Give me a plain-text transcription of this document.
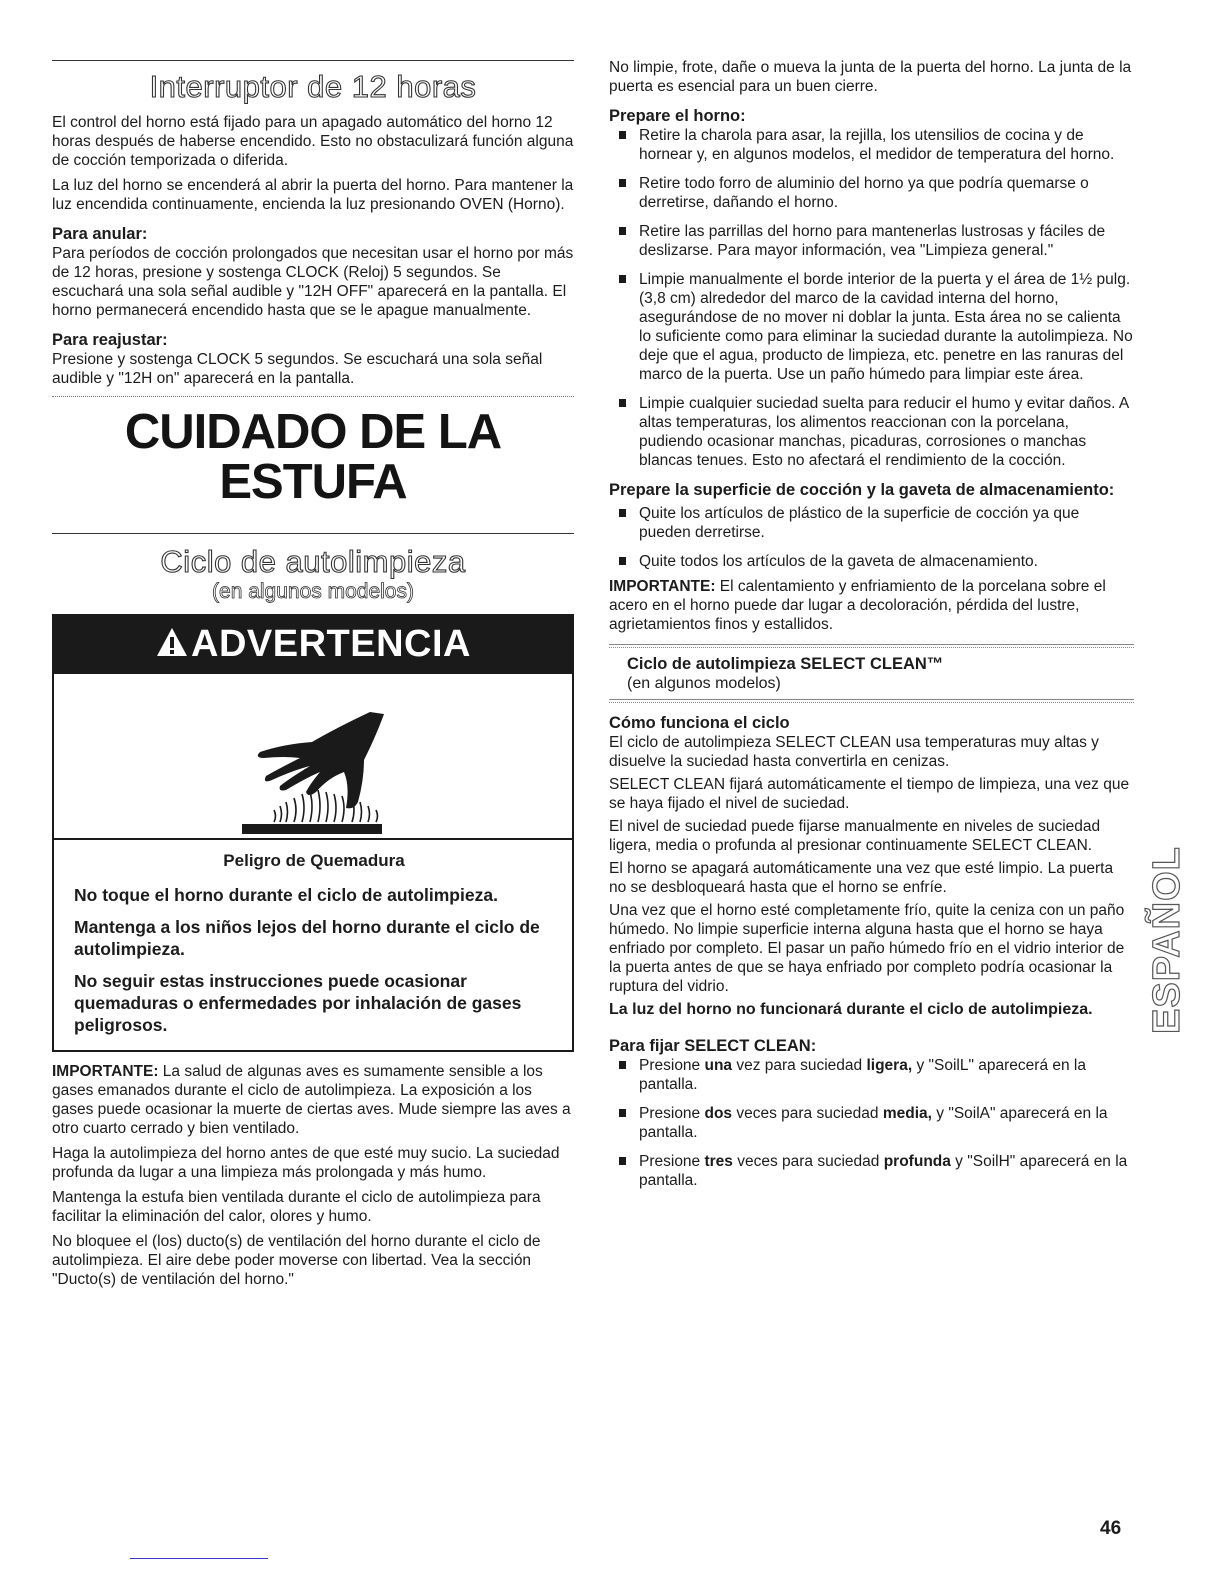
Interruptor de 12 horas

El control del horno está fijado para un apagado automático del horno 12 horas después de haberse encendido. Esto no obstaculizará función alguna de cocción temporizada o diferida.

La luz del horno se encenderá al abrir la puerta del horno. Para mantener la luz encendida continuamente, encienda la luz presionando OVEN (Horno).

Para anular:

Para períodos de cocción prolongados que necesitan usar el horno por más de 12 horas, presione y sostenga CLOCK (Reloj) 5 segundos. Se escuchará una sola señal audible y "12H OFF" aparecerá en la pantalla. El horno permanecerá encendido hasta que se le apague manualmente.

Para reajustar:

Presione y sostenga CLOCK 5 segundos. Se escuchará una sola señal audible y "12H on" aparecerá en la pantalla.

CUIDADO DE LA
ESTUFA
Ciclo de autolimpieza
(en algunos modelos)
ADVERTENCIA
Peligro de Quemadura
No toque el horno durante el ciclo de autolimpieza.
Mantenga a los niños lejos del horno durante el ciclo de autolimpieza.
No seguir estas instrucciones puede ocasionar quemaduras o enfermedades por inhalación de gases peligrosos.

IMPORTANTE: La salud de algunas aves es sumamente sensible a los gases emanados durante el ciclo de autolimpieza. La exposición a los gases puede ocasionar la muerte de ciertas aves. Mude siempre las aves a otro cuarto cerrado y bien ventilado.

Haga la autolimpieza del horno antes de que esté muy sucio. La suciedad profunda da lugar a una limpieza más prolongada y más humo.

Mantenga la estufa bien ventilada durante el ciclo de autolimpieza para facilitar la eliminación del calor, olores y humo.

No bloquee el (los) ducto(s) de ventilación del horno durante el ciclo de autolimpieza. El aire debe poder moverse con libertad. Vea la sección "Ducto(s) de ventilación del horno."

No limpie, frote, dañe o mueva la junta de la puerta del horno. La junta de la puerta es esencial para un buen cierre.

Prepare el horno:
Retire la charola para asar, la rejilla, los utensilios de cocina y de hornear y, en algunos modelos, el medidor de temperatura del horno.
Retire todo forro de aluminio del horno ya que podría quemarse o derretirse, dañando el horno.
Retire las parrillas del horno para mantenerlas lustrosas y fáciles de deslizarse. Para mayor información, vea "Limpieza general."
Limpie manualmente el borde interior de la puerta y el área de 1½ pulg. (3,8 cm) alrededor del marco de la cavidad interna del horno, asegurándose de no mover ni doblar la junta. Esta área no se calienta lo suficiente como para eliminar la suciedad durante la autolimpieza. No deje que el agua, producto de limpieza, etc. penetre en las ranuras del marco de la puerta. Use un paño húmedo para limpiar este área.
Limpie cualquier suciedad suelta para reducir el humo y evitar daños. A altas temperaturas, los alimentos reaccionan con la porcelana, pudiendo ocasionar manchas, picaduras, corrosiones o manchas blancas tenues. Esto no afectará el rendimiento de la cocción.
Prepare la superficie de cocción y la gaveta de almacenamiento:
Quite los artículos de plástico de la superficie de cocción ya que pueden derretirse.
Quite todos los artículos de la gaveta de almacenamiento.

IMPORTANTE: El calentamiento y enfriamiento de la porcelana sobre el acero en el horno puede dar lugar a decoloración, pérdida del lustre, agrietamientos finos y estallidos.

Ciclo de autolimpieza SELECT CLEAN™

(en algunos modelos)

Cómo funciona el ciclo

El ciclo de autolimpieza SELECT CLEAN usa temperaturas muy altas y disuelve la suciedad hasta convertirla en cenizas.

SELECT CLEAN fijará automáticamente el tiempo de limpieza, una vez que se haya fijado el nivel de suciedad.

El nivel de suciedad puede fijarse manualmente en niveles de suciedad ligera, media o profunda al presionar continuamente SELECT CLEAN.

El horno se apagará automáticamente una vez que esté limpio. La puerta no se desbloqueará hasta que el horno se enfríe.

Una vez que el horno esté completamente frío, quite la ceniza con un paño húmedo. No limpie superficie interna alguna hasta que el horno se haya enfriado por completo. El pasar un paño húmedo frío en el vidrio interior de la puerta antes de que se haya enfriado por completo podría ocasionar la ruptura del vidrio.

La luz del horno no funcionará durante el ciclo de autolimpieza.
Para fijar SELECT CLEAN:
Presione una vez para suciedad ligera, y "SoilL" aparecerá en la pantalla.
Presione dos veces para suciedad media, y "SoilA" aparecerá en la pantalla.
Presione tres veces para suciedad profunda y "SoilH" aparecerá en la pantalla.
ESPAÑOL
46
